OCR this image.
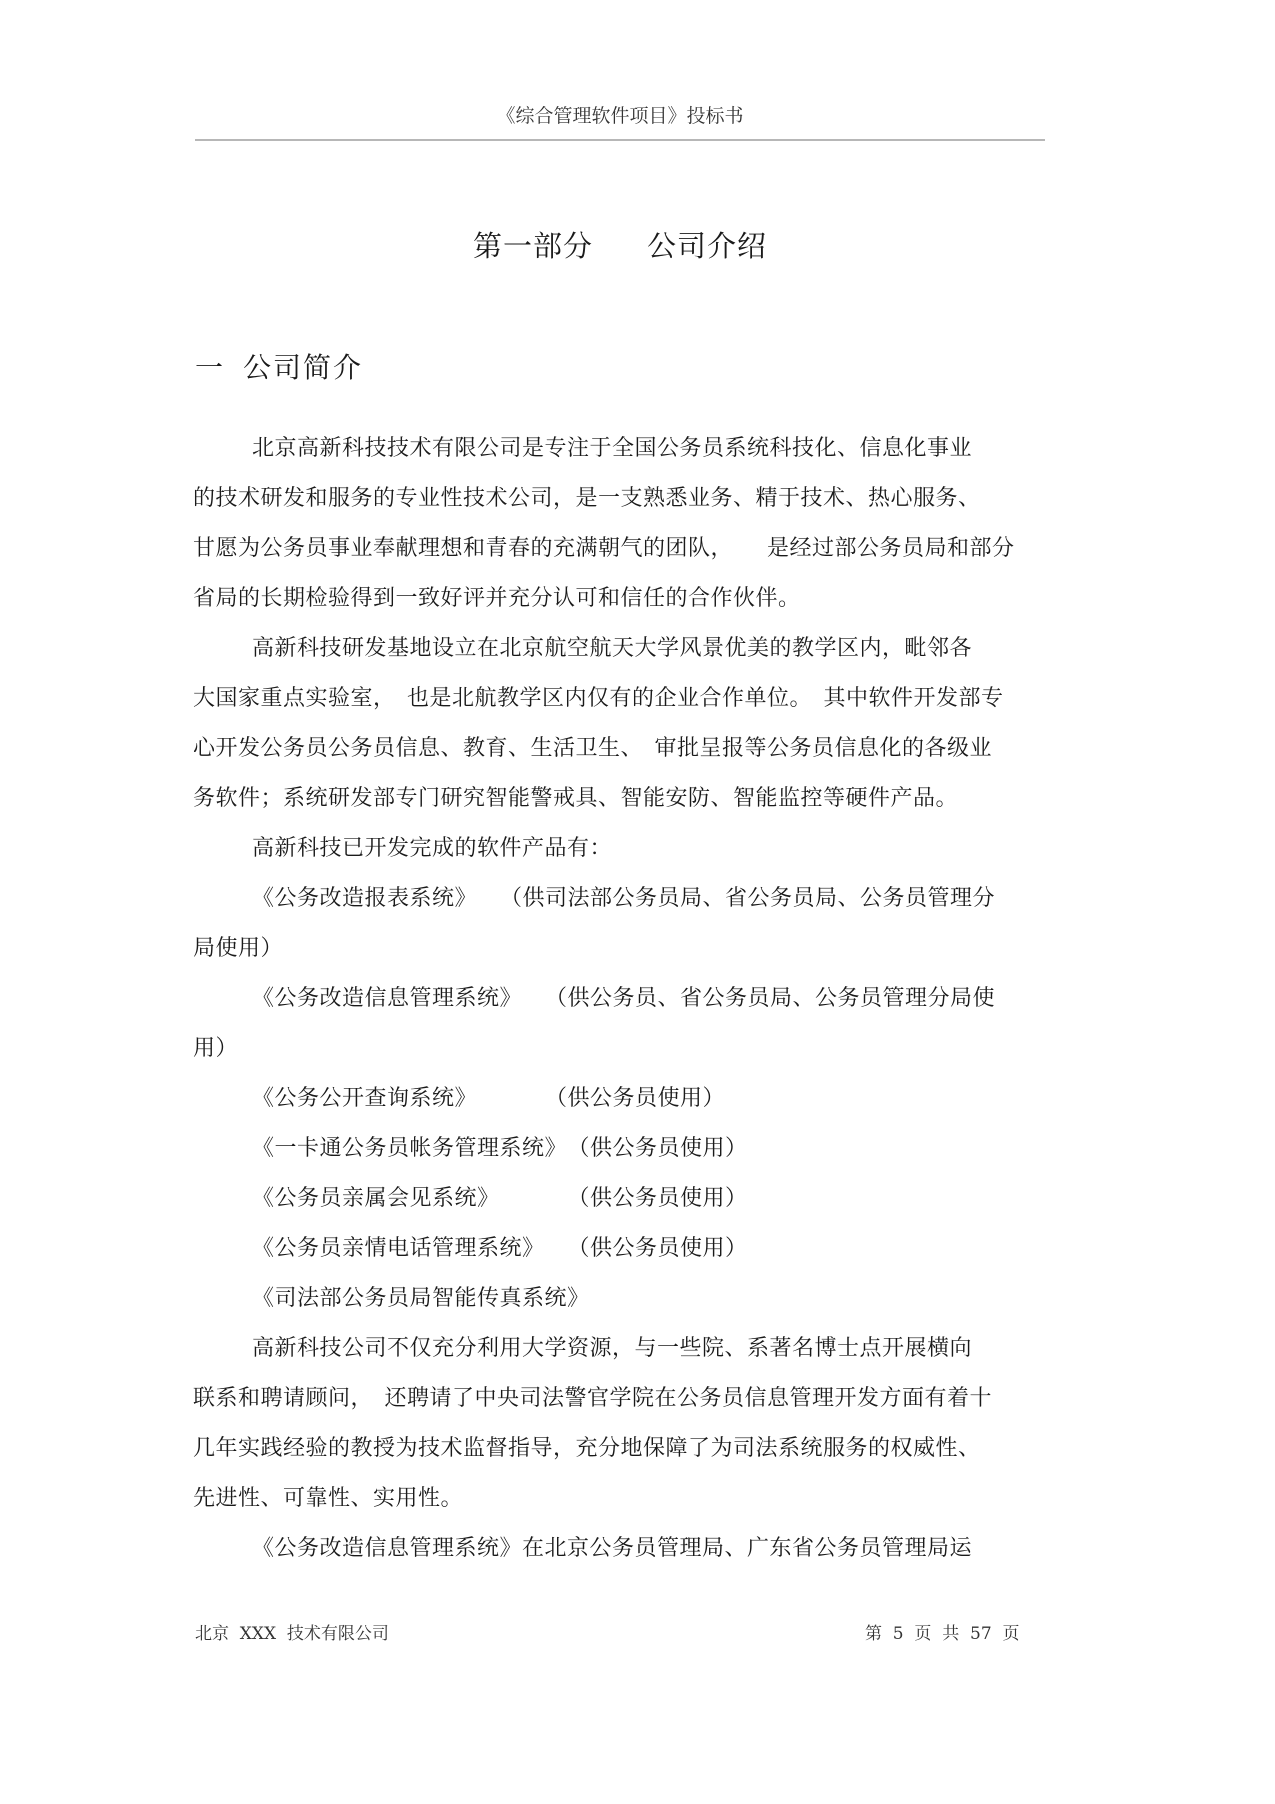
《综合管理软件项目》投标书
第一部分 公司介绍
一 公司简介
北京高新科技技术有限公司是专注于全国公务员系统科技化、信息化事业
的技术研发和服务的专业性技术公司，是一支熟悉业务、精于技术、热心服务、
甘愿为公务员事业奉献理想和青春的充满朝气的团队，　　是经过部公务员局和部分
省局的长期检验得到一致好评并充分认可和信任的合作伙伴。
高新科技研发基地设立在北京航空航天大学风景优美的教学区内，毗邻各
大国家重点实验室，　也是北航教学区内仅有的企业合作单位。　其中软件开发部专
心开发公务员公务员信息、教育、生活卫生、　审批呈报等公务员信息化的各级业
务软件；系统研发部专门研究智能警戒具、智能安防、智能监控等硬件产品。
高新科技已开发完成的软件产品有：
《公务改造报表系统》　　（供司法部公务员局、省公务员局、公务员管理分
局使用）
《公务改造信息管理系统》　　（供公务员、省公务员局、公务员管理分局使
用）
《公务公开查询系统》　　　　（供公务员使用）
《一卡通公务员帐务管理系统》　（供公务员使用）
《公务员亲属会见系统》　　　　（供公务员使用）
《公务员亲情电话管理系统》　　（供公务员使用）
《司法部公务员局智能传真系统》
高新科技公司不仅充分利用大学资源，与一些院、系著名博士点开展横向
联系和聘请顾问，　还聘请了中央司法警官学院在公务员信息管理开发方面有着十
几年实践经验的教授为技术监督指导，充分地保障了为司法系统服务的权威性、
先进性、可靠性、实用性。
《公务改造信息管理系统》在北京公务员管理局、广东省公务员管理局运
北京  XXX  技术有限公司	第  5  页  共  57  页
